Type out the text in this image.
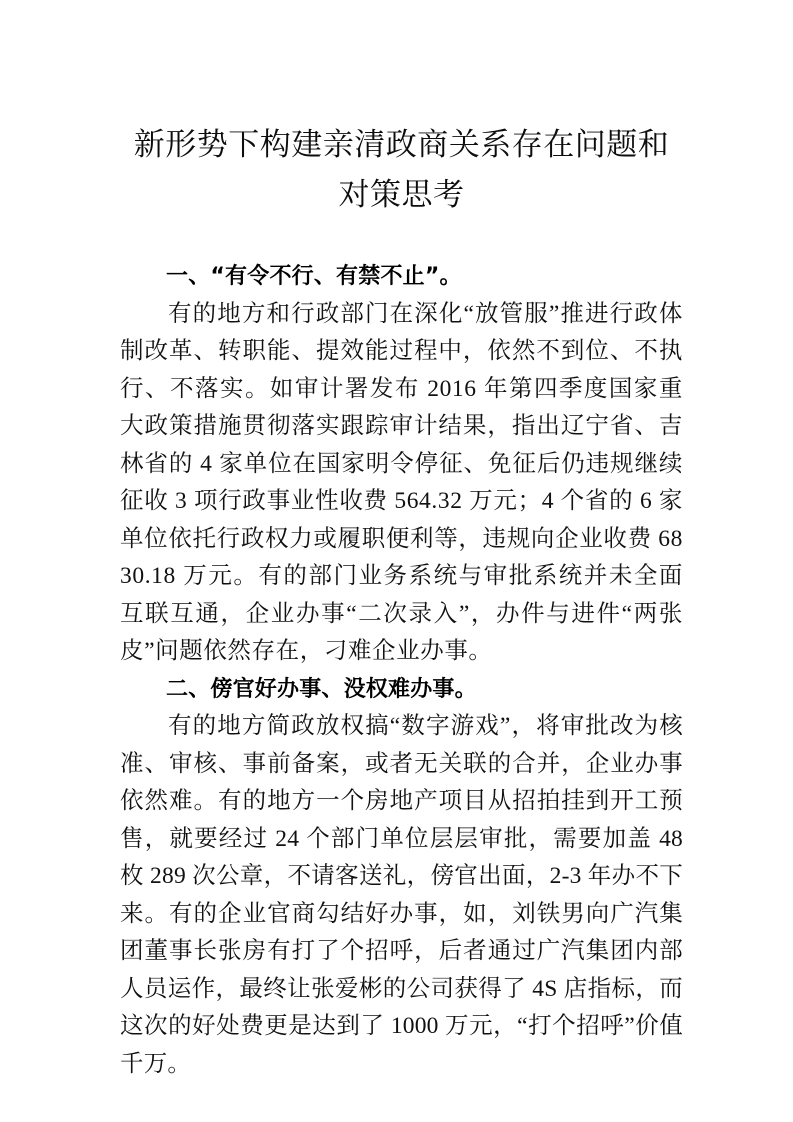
新形势下构建亲清政商关系存在问题和对策思考

一、“有令不行、有禁不止”。

有的地方和行政部门在深化“放管服”推进行政体制改革、转职能、提效能过程中，依然不到位、不执行、不落实。如审计署发布 2016 年第四季度国家重大政策措施贯彻落实跟踪审计结果，指出辽宁省、吉林省的 4 家单位在国家明令停征、免征后仍违规继续征收 3 项行政事业性收费 564.32 万元；4 个省的 6 家单位依托行政权力或履职便利等，违规向企业收费 6830.18 万元。有的部门业务系统与审批系统并未全面互联互通，企业办事“二次录入”，办件与进件“两张皮”问题依然存在，刁难企业办事。

二、傍官好办事、没权难办事。

有的地方简政放权搞“数字游戏”，将审批改为核准、审核、事前备案，或者无关联的合并，企业办事依然难。有的地方一个房地产项目从招拍挂到开工预售，就要经过 24 个部门单位层层审批，需要加盖 48 枚 289 次公章，不请客送礼，傍官出面，2-3 年办不下来。有的企业官商勾结好办事，如，刘铁男向广汽集团董事长张房有打了个招呼，后者通过广汽集团内部人员运作，最终让张爱彬的公司获得了 4S 店指标，而这次的好处费更是达到了 1000 万元，“打个招呼”价值千万。
